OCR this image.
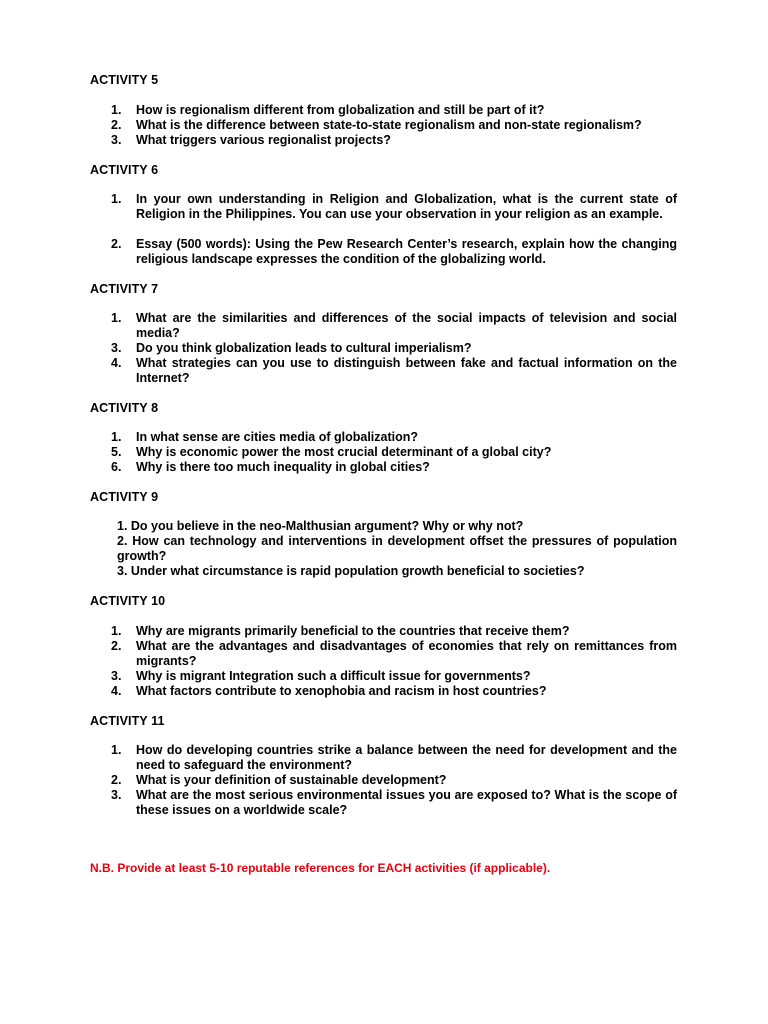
ACTIVITY 5
1.	How is regionalism different from globalization and still be part of it?
2.	What is the difference between state-to-state regionalism and non-state regionalism?
3.	What triggers various regionalist projects?
ACTIVITY 6
1.	In your own understanding in Religion and Globalization, what is the current state of Religion in the Philippines. You can use your observation in your religion as an example.
2.	Essay (500 words): Using the Pew Research Center’s research, explain how the changing religious landscape expresses the condition of the globalizing world.
ACTIVITY 7
1.	What are the similarities and differences of the social impacts of television and social media?
3.	Do you think globalization leads to cultural imperialism?
4.	What strategies can you use to distinguish between fake and factual information on the Internet?
ACTIVITY 8
1.	In what sense are cities media of globalization?
5.	Why is economic power the most crucial determinant of a global city?
6.	Why is there too much inequality in global cities?
ACTIVITY 9
1. Do you believe in the neo-Malthusian argument? Why or why not?
2. How can technology and interventions in development offset the pressures of population growth?
3. Under what circumstance is rapid population growth beneficial to societies?
ACTIVITY 10
1.	Why are migrants primarily beneficial to the countries that receive them?
2.	What are the advantages and disadvantages of economies that rely on remittances from migrants?
3.	Why is migrant Integration such a difficult issue for governments?
4.	What factors contribute to xenophobia and racism in host countries?
ACTIVITY 11
1.	How do developing countries strike a balance between the need for development and the need to safeguard the environment?
2.	What is your definition of sustainable development?
3.	What are the most serious environmental issues you are exposed to? What is the scope of these issues on a worldwide scale?
N.B. Provide at least 5-10 reputable references for EACH activities (if applicable).
